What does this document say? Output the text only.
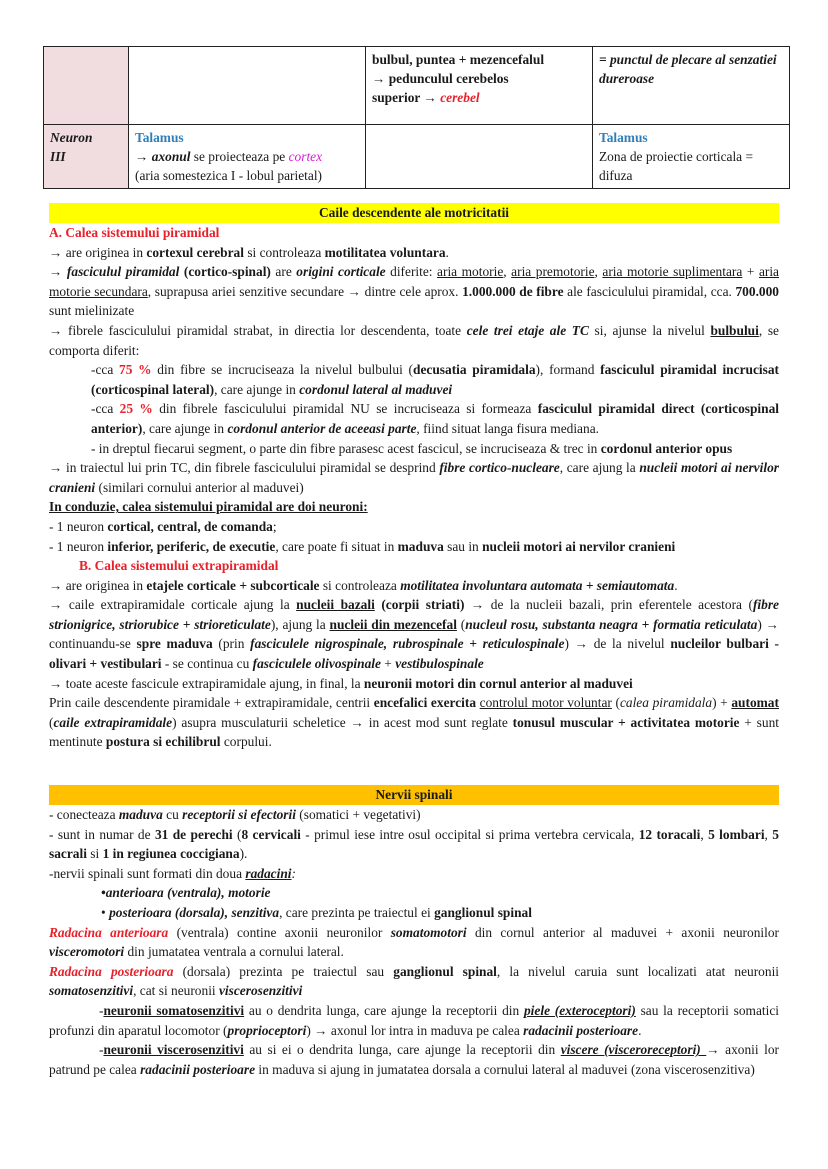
		bulbul, puntea + mezencefalul
→ pedunculul cerebelos
superior → cerebel	= punctul de plecare al senzatiei dureroase
Neuron
III	Talamus
→ axonul se proiecteaza pe cortex
(aria somestezica I - lobul parietal)		Talamus
Zona de proiectie corticala = difuza
Caile descendente ale motricitatii

A. Calea sistemului piramidal

→ are originea in cortexul cerebral si controleaza motilitatea voluntara.

→ fasciculul piramidal (cortico-spinal) are origini corticale diferite: aria motorie, aria premotorie, aria motorie suplimentara + aria motorie secundara, suprapusa ariei senzitive secundare → dintre cele aprox. 1.000.000 de fibre ale fasciculului piramidal, cca. 700.000 sunt mielinizate

→ fibrele fasciculului piramidal strabat, in directia lor descendenta, toate cele trei etaje ale TC si, ajunse la nivelul bulbului, se comporta diferit:

-cca 75 % din fibre se incruciseaza la nivelul bulbului (decusatia piramidala), formand fasciculul piramidal incrucisat (corticospinal lateral), care ajunge in cordonul lateral al maduvei

-cca 25 % din fibrele fasciculului piramidal NU se incruciseaza si formeaza fasciculul piramidal direct (corticospinal anterior), care ajunge in cordonul anterior de aceeasi parte, fiind situat langa fisura mediana.

- in dreptul fiecarui segment, o parte din fibre parasesc acest fascicul, se incruciseaza & trec in cordonul anterior opus

→ in traiectul lui prin TC, din fibrele fasciculului piramidal se desprind fibre cortico-nucleare, care ajung la nucleii motori ai nervilor cranieni (similari cornului anterior al maduvei)

In conduzie, calea sistemului piramidal are doi neuroni:

- 1 neuron cortical, central, de comanda;

- 1 neuron inferior, periferic, de executie, care poate fi situat in maduva sau in nucleii motori ai nervilor cranieni

B. Calea sistemului extrapiramidal

→ are originea in etajele corticale + subcorticale si controleaza motilitatea involuntara automata + semiautomata.

→ caile extrapiramidale corticale ajung la nucleii bazali (corpii striati) → de la nucleii bazali, prin eferentele acestora (fibre strionigrice, striorubice + strioreticulate), ajung la nucleii din mezencefal (nucleul rosu, substanta neagra + formatia reticulata) → continuandu-se spre maduva (prin fasciculele nigrospinale, rubrospinale + reticulospinale) → de la nivelul nucleilor bulbari - olivari + vestibulari - se continua cu fasciculele olivospinale + vestibulospinale

→ toate aceste fascicule extrapiramidale ajung, in final, la neuronii motori din cornul anterior al maduvei

Prin caile descendente piramidale + extrapiramidale, centrii encefalici exercita controlul motor voluntar (calea piramidala) + automat (caile extrapiramidale) asupra musculaturii scheletice → in acest mod sunt reglate tonusul muscular + activitatea motorie + sunt mentinute postura si echilibrul corpului.

Nervii spinali

- conecteaza maduva cu receptorii si efectorii (somatici + vegetativi)

- sunt in numar de 31 de perechi (8 cervicali - primul iese intre osul occipital si prima vertebra cervicala, 12 toracali, 5 lombari, 5 sacrali si 1 in regiunea coccigiana).

-nervii spinali sunt formati din doua radacini:

• anterioara (ventrala), motorie

• posterioara (dorsala), senzitiva, care prezinta pe traiectul ei ganglionul spinal

Radacina anterioara (ventrala) contine axonii neuronilor somatomotori din cornul anterior al maduvei + axonii neuronilor visceromotori din jumatatea ventrala a cornului lateral.

Radacina posterioara (dorsala) prezinta pe traiectul sau ganglionul spinal, la nivelul caruia sunt localizati atat neuronii somatosenzitivi, cat si neuronii viscerosenzitivi

-neuronii somatosenzitivi au o dendrita lunga, care ajunge la receptorii din piele (exteroceptori) sau la receptorii somatici profunzi din aparatul locomotor (proprioceptori) → axonul lor intra in maduva pe calea radacinii posterioare.

-neuronii viscerosenzitivi au si ei o dendrita lunga, care ajunge la receptorii din viscere (visceroreceptori) → axonii lor patrund pe calea radacinii posterioare in maduva si ajung in jumatatea dorsala a cornului lateral al maduvei (zona viscerosenzitiva)
